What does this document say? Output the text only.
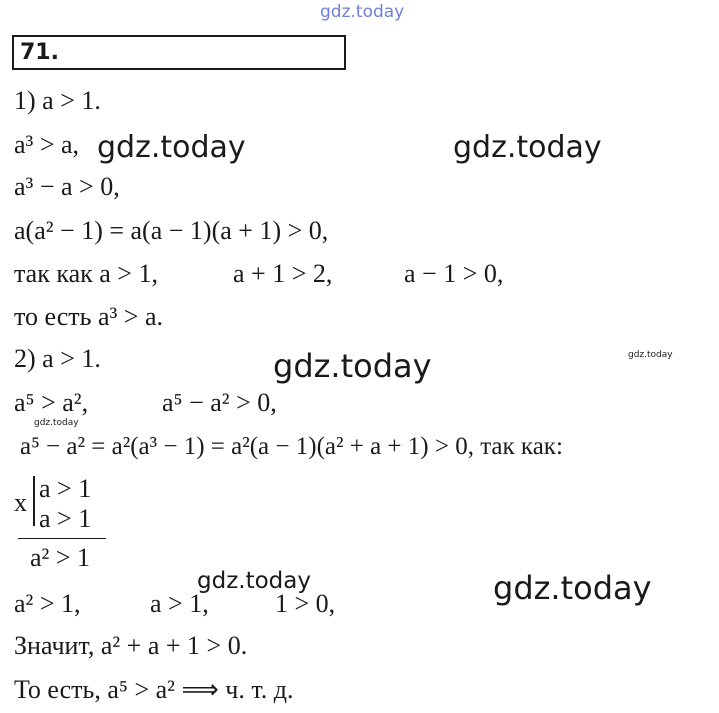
gdz.today
71.
1) a > 1.
a³ > a, gdz.today	gdz.today
a³ − a > 0,
a(a² − 1) = a(a − 1)(a + 1) > 0,
так как a > 1,	a + 1 > 2,	a − 1 > 0,
то есть a³ > a.
2) a > 1.	gdz.today	gdz.today
a⁵ > a²,	a⁵ − a² > 0,
gdz.today
a⁵ − a² = a²(a³ − 1) = a²(a − 1)(a² + a + 1) > 0, так как:
x a > 1
a > 1
a² > 1
gdz.today	gdz.today
a² > 1,	a > 1,	1 > 0,
Значит, a² + a + 1 > 0.
То есть, a⁵ > a² ⟹ ч. т. д.
